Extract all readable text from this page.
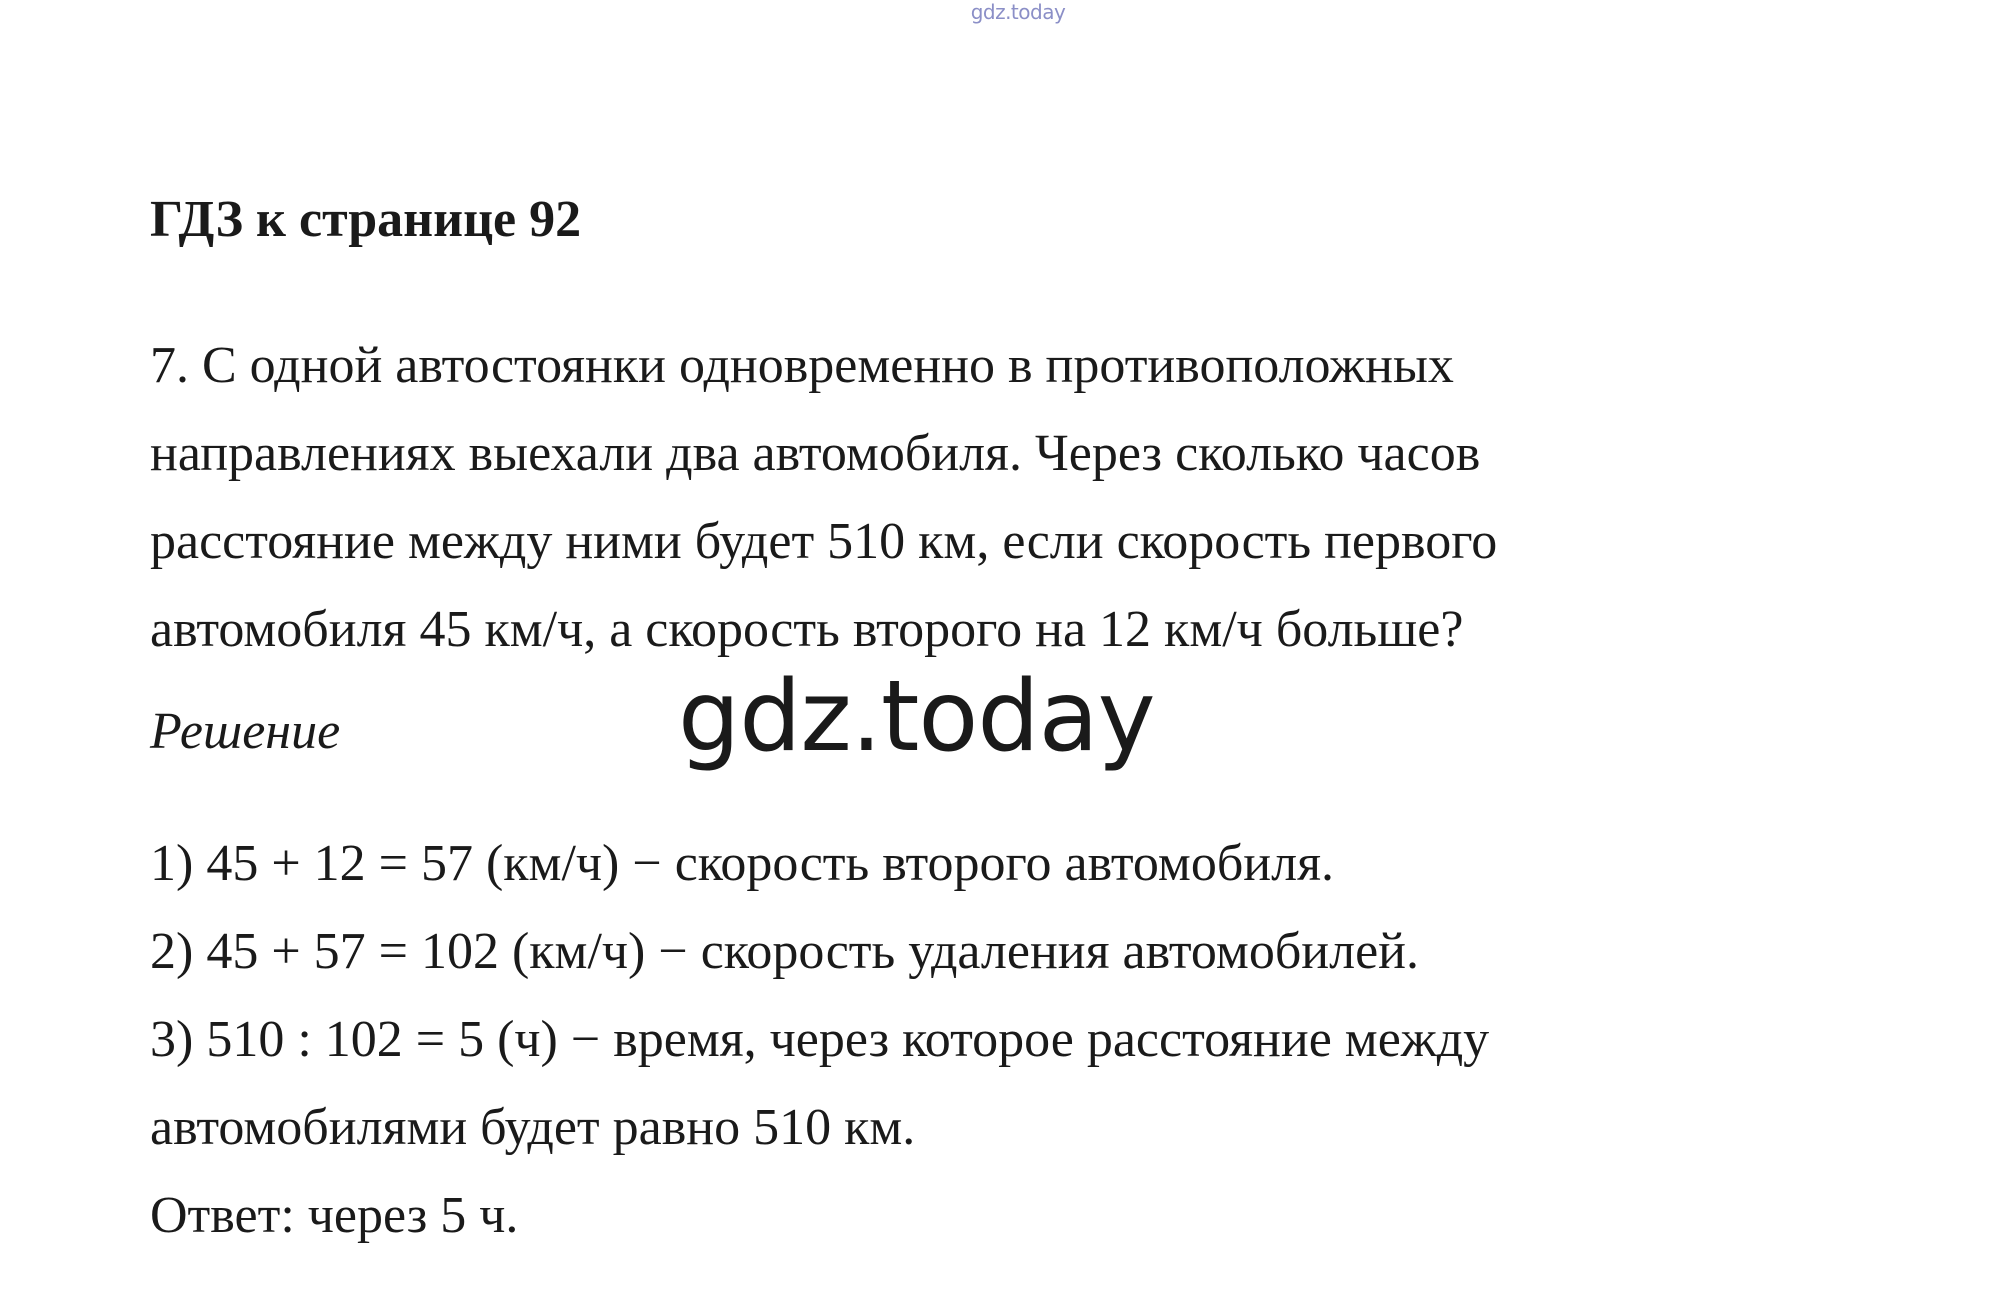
gdz.today
ГДЗ к странице 92
7. С одной автостоянки одновременно в противоположных
направлениях выехали два автомобиля. Через сколько часов
расстояние между ними будет 510 км, если скорость первого
автомобиля 45 км/ч, а скорость второго на 12 км/ч больше?
Решение	gdz.today
1) 45 + 12 = 57 (км/ч) − скорость второго автомобиля.
2) 45 + 57 = 102 (км/ч) − скорость удаления автомобилей.
3) 510 : 102 = 5 (ч) − время, через которое расстояние между
автомобилями будет равно 510 км.
Ответ: через 5 ч.
